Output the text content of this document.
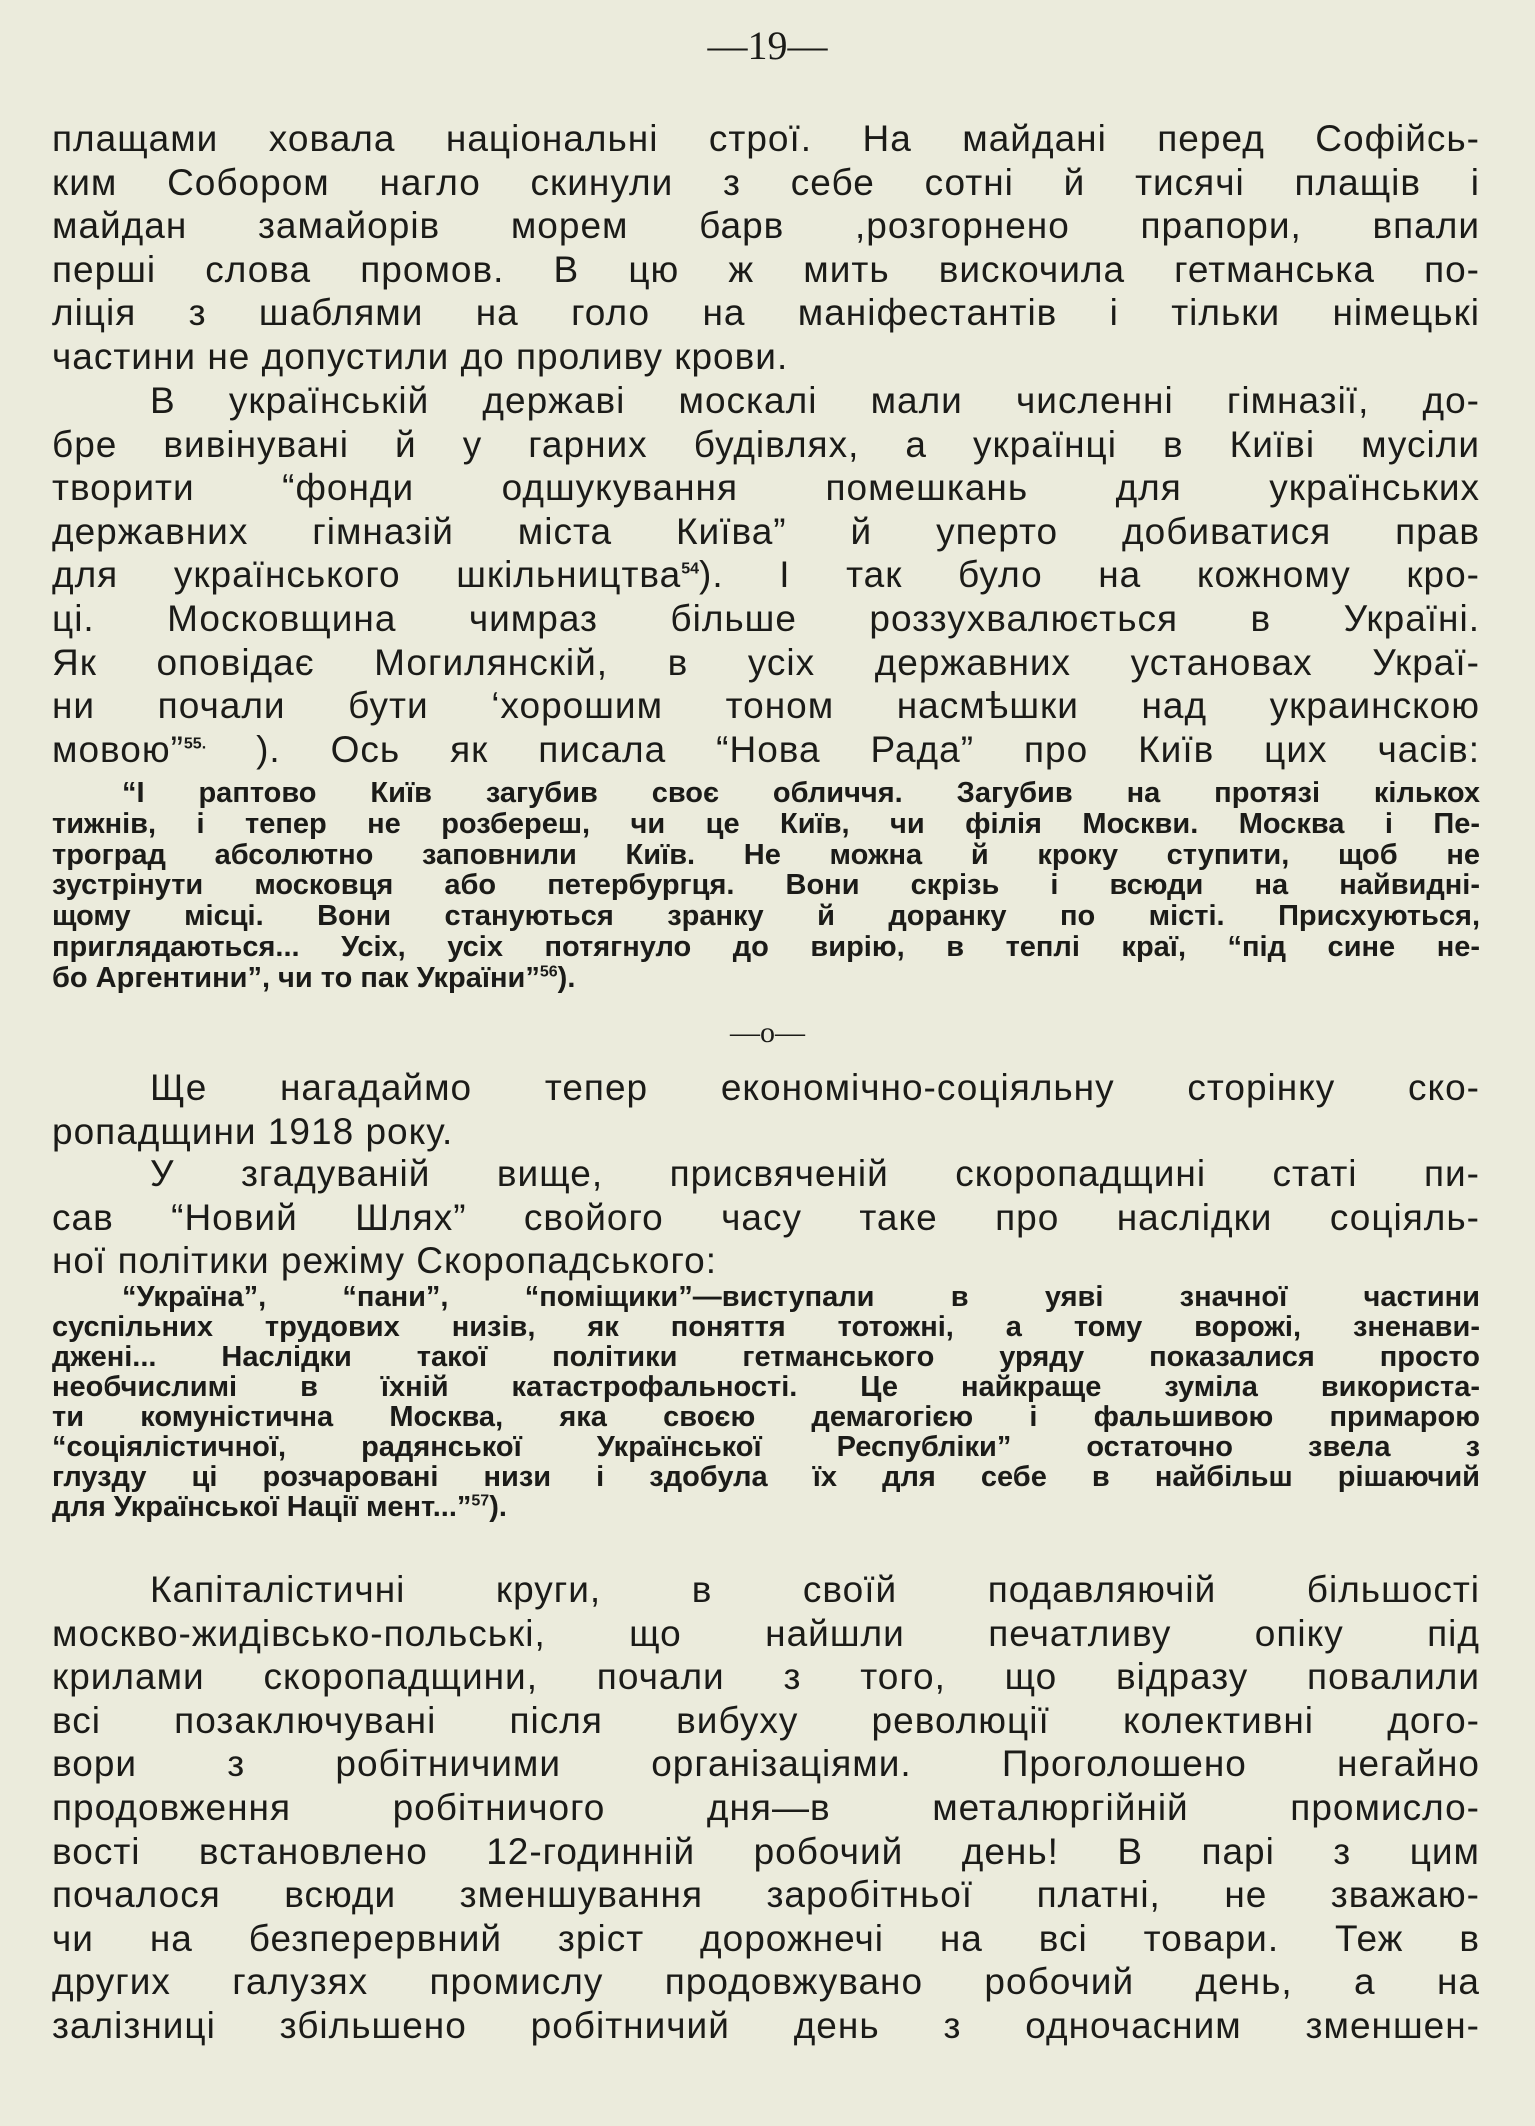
—19—
плащами ховала національні строї. На майдані перед Софійсь-
ким Собором нагло скинули з себе сотні й тисячі плащів і
майдан замайорів морем барв ,розгорнено прапори, впали
перші слова промов. В цю ж мить вискочила гетманська по-
ліція з шаблями на голо на маніфестантів і тільки німецькі
частини не допустили до проливу крови.
В українській державі москалі мали численні гімназії, до-
бре вивінувані й у гарних будівлях, а українці в Київі мусіли
творити “фонди одшукування помешкань для українських
державних гімназій міста Київа” й уперто добиватися прав
для українського шкільництва$^{54}$). І так було на кожному кро-
ці. Московщина чимраз більше роззухвалюється в Україні.
Як оповідає Могилянскій, в усіх державних установах Украї-
ни почали бути ‘хорошим тоном насмѣшки над украинскою
мовою”$^{55.}$ ). Ось як писала “Нова Рада” про Київ цих часів:
“І раптово Київ загубив своє обличчя. Загубив на протязі кількох
тижнів, і тепер не розбереш, чи це Київ, чи філія Москви. Москва і Пе-
троград абсолютно заповнили Київ. Не можна й кроку ступити, щоб не
зустрінути московця або петербургця. Вони скрізь і всюди на найвидні-
щому місці. Вони стануються зранку й доранку по місті. Присхуються,
приглядаються... Усіх, усіх потягнуло до вирію, в теплі краї, “під сине не-
бо Аргентини”, чи то пак України”$^{56}$).
—о—
Ще нагадаймо тепер економічно-соціяльну сторінку ско-
ропадщини 1918 року.
У згадуваній вище, присвяченій скоропадщині статі пи-
сав “Новий Шлях” свойого часу таке про наслідки соціяль-
ної політики режіму Скоропадського:
“Україна”, “пани”, “поміщики”—виступали в уяві значної частини
суспільних трудових низів, як поняття тотожні, а тому ворожі, зненави-
джені... Наслідки такої політики гетманського уряду показалися просто
необчислимі в їхній катастрофальності. Це найкраще зуміла використа-
ти комуністична Москва, яка своєю демагогією і фальшивою примарою
“соціялістичної, радянської Української Республіки” остаточно звела з
глузду ці розчаровані низи і здобула їх для себе в найбільш рішаючий
для Української Нації мент...”$^{57}$).
Капіталістичні круги, в своїй подавляючій більшості
москво-жидівсько-польські, що найшли печатливу опіку під
крилами скоропадщини, почали з того, що відразу повалили
всі позаключувані після вибуху революції колективні дого-
вори з робітничими організаціями. Проголошено негайно
продовження робітничого дня—в металюргійній промисло-
вості встановлено 12-годинній робочий день! В парі з цим
почалося всюди зменшування заробітньої платні, не зважаю-
чи на безперервний зріст дорожнечі на всі товари. Теж в
других галузях промислу продовжувано робочий день, а на
залізниці збільшено робітничий день з одночасним зменшен-
